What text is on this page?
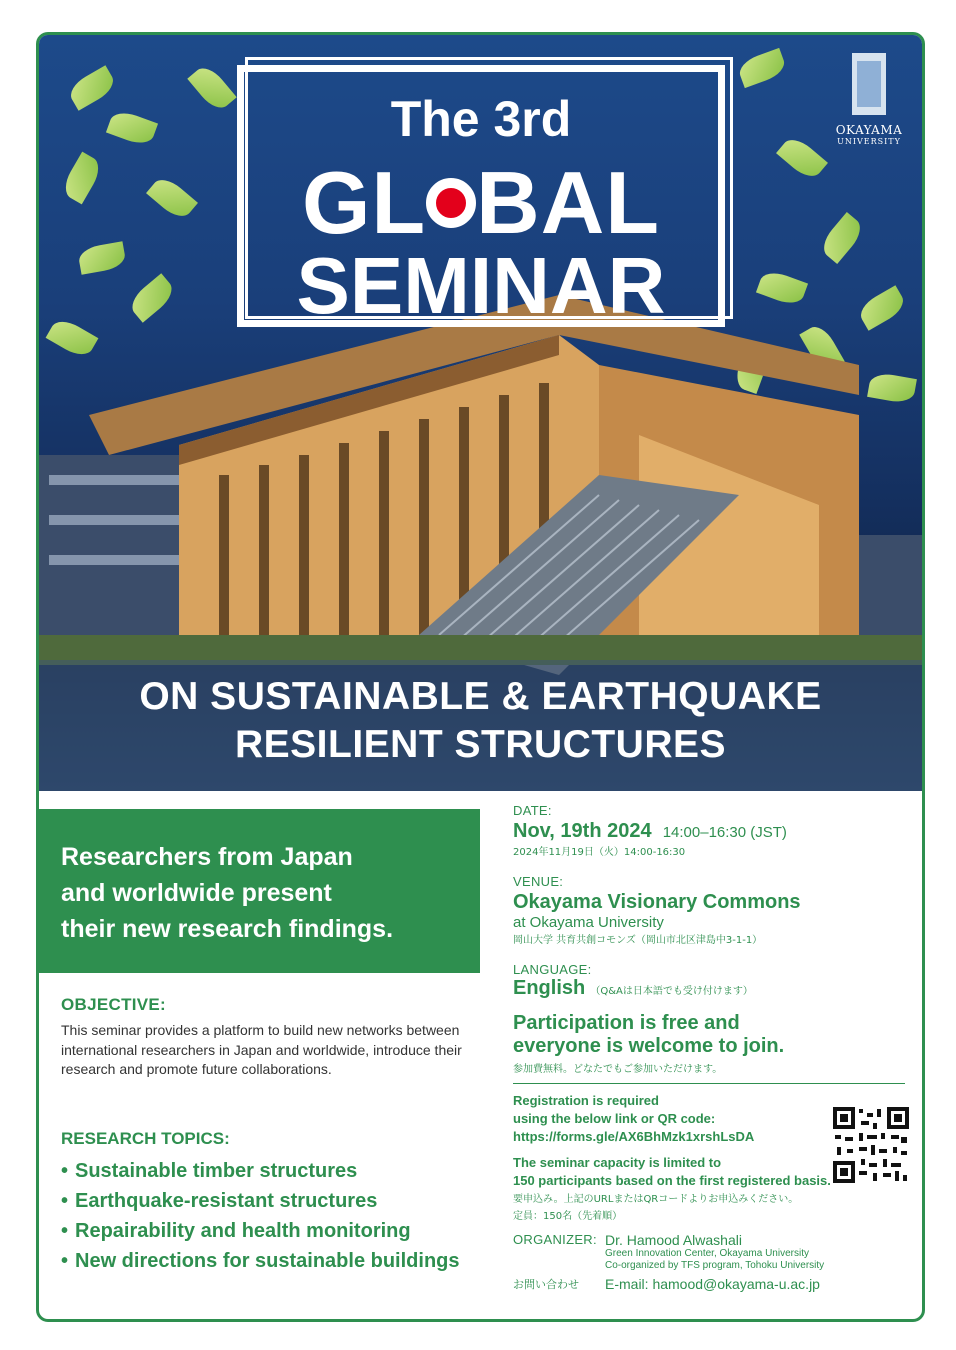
OKAYAMA
UNIVERSITY
The 3rd
GL BAL
SEMINAR
ON SUSTAINABLE & EARTHQUAKE
RESILIENT STRUCTURES
Researchers from Japan
and worldwide present
their new research findings.
OBJECTIVE:
This seminar provides a platform to build new networks between international researchers in Japan and worldwide, introduce their research and promote future collaborations.
RESEARCH TOPICS:
• Sustainable timber structures
• Earthquake-resistant structures
• Repairability and health monitoring
• New directions for sustainable buildings
DATE:
Nov, 19th 2024 14:00–16:30 (JST)
2024年11月19日（火）14:00-16:30
VENUE:
Okayama Visionary Commons
at Okayama University
岡山大学 共育共創コモンズ（岡山市北区津島中3-1-1）
LANGUAGE:
English （Q&Aは日本語でも受け付けます）
Participation is free and
everyone is welcome to join.
参加費無料。どなたでもご参加いただけます。
Registration is required
using the below link or QR code:
https://forms.gle/AX6BhMzk1xrshLsDA
The seminar capacity is limited to
150 participants based on the first registered basis.
要申込み。上記のURLまたはQRコードよりお申込みください。
定員：150名（先着順）
ORGANIZER: Dr. Hamood Alwashali
Green Innovation Center, Okayama University
Co-organized by TFS program, Tohoku University
お問い合わせ	E-mail: hamood@okayama-u.ac.jp
